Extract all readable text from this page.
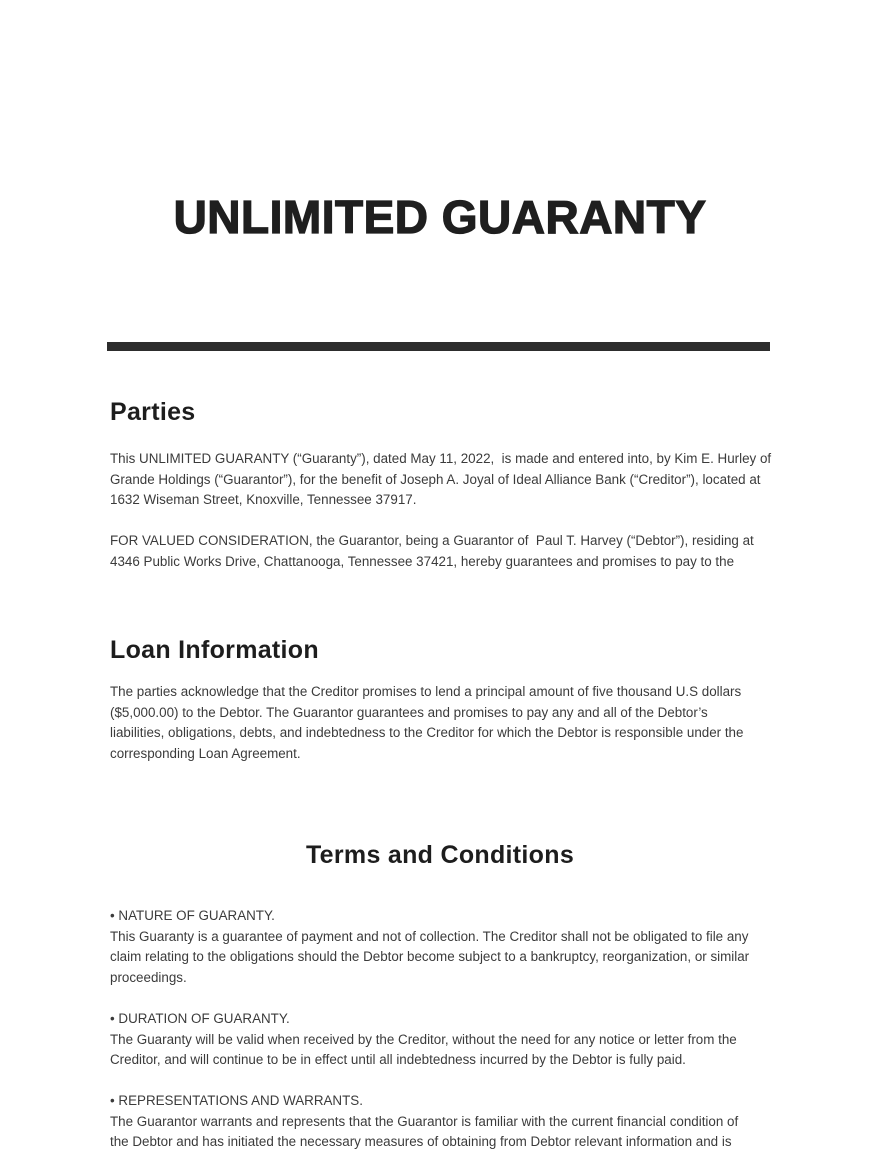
UNLIMITED GUARANTY
Parties
This UNLIMITED GUARANTY (“Guaranty”), dated May 11, 2022,  is made and entered into, by Kim E. Hurley of
Grande Holdings (“Guarantor”), for the benefit of Joseph A. Joyal of Ideal Alliance Bank (“Creditor”), located at
1632 Wiseman Street, Knoxville, Tennessee 37917.
FOR VALUED CONSIDERATION, the Guarantor, being a Guarantor of  Paul T. Harvey (“Debtor”), residing at
4346 Public Works Drive, Chattanooga, Tennessee 37421, hereby guarantees and promises to pay to the
Loan Information
The parties acknowledge that the Creditor promises to lend a principal amount of five thousand U.S dollars
($5,000.00) to the Debtor. The Guarantor guarantees and promises to pay any and all of the Debtor’s
liabilities, obligations, debts, and indebtedness to the Creditor for which the Debtor is responsible under the
corresponding Loan Agreement.
Terms and Conditions
• NATURE OF GUARANTY.
This Guaranty is a guarantee of payment and not of collection. The Creditor shall not be obligated to file any
claim relating to the obligations should the Debtor become subject to a bankruptcy, reorganization, or similar
proceedings.
• DURATION OF GUARANTY.
The Guaranty will be valid when received by the Creditor, without the need for any notice or letter from the
Creditor, and will continue to be in effect until all indebtedness incurred by the Debtor is fully paid.
• REPRESENTATIONS AND WARRANTS.
The Guarantor warrants and represents that the Guarantor is familiar with the current financial condition of
the Debtor and has initiated the necessary measures of obtaining from Debtor relevant information and is
